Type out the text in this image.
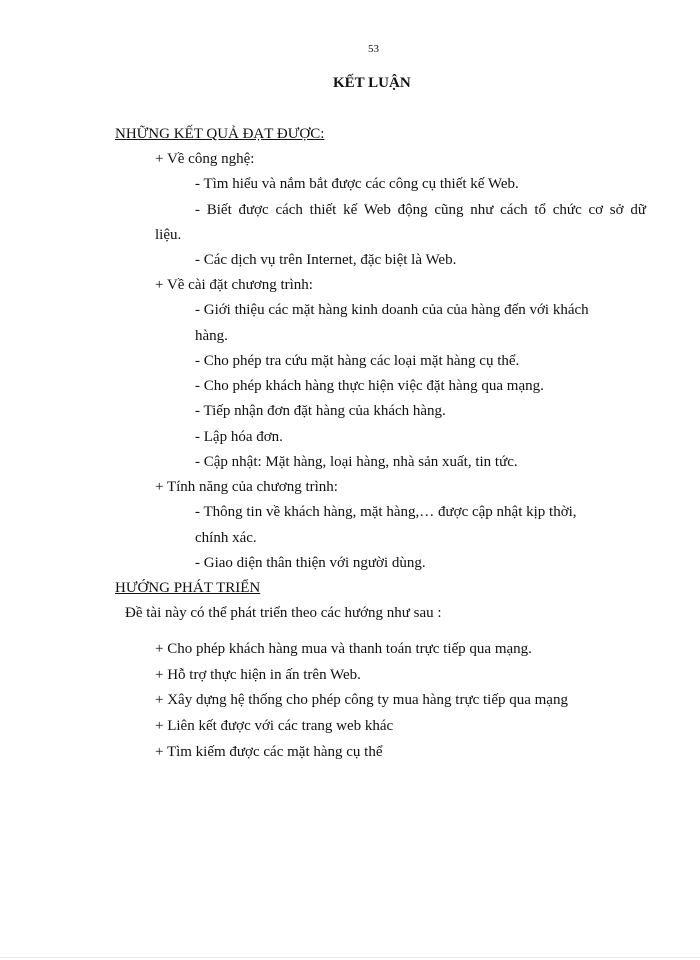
53
KẾT LUẬN
NHỮNG KẾT QUẢ ĐẠT ĐƯỢC:
+ Về công nghệ:
- Tìm hiểu và nắm bắt được các công cụ thiết kế Web.
- Biết được cách thiết kế Web động cũng như cách tổ chức cơ sở dữ
liệu.
- Các dịch vụ trên Internet, đặc biệt là Web.
+ Về cài đặt chương trình:
- Giới thiệu các mặt hàng kinh doanh của của hàng đến với khách
hàng.
- Cho phép tra cứu mặt hàng các loại mặt hàng cụ thể.
- Cho phép khách hàng thực hiện việc đặt hàng qua mạng.
- Tiếp nhận đơn đặt hàng của khách hàng.
- Lập hóa đơn.
- Cập nhật: Mặt hàng, loại hàng, nhà sản xuất, tin tức.
+ Tính năng của chương trình:
- Thông tin về khách hàng, mặt hàng,… được cập nhật kịp thời,
chính xác.
- Giao diện thân thiện với người dùng.
HƯỚNG PHÁT TRIỂN
Đề tài này có thể phát triển theo các hướng như sau :
+ Cho phép khách hàng mua và thanh toán trực tiếp qua mạng.
+ Hỗ trợ thực hiện in ấn trên Web.
+ Xây dựng hệ thống cho phép công ty mua hàng trực tiếp qua mạng
+ Liên kết được với các trang web khác
+ Tìm kiếm được các mặt hàng cụ thể
